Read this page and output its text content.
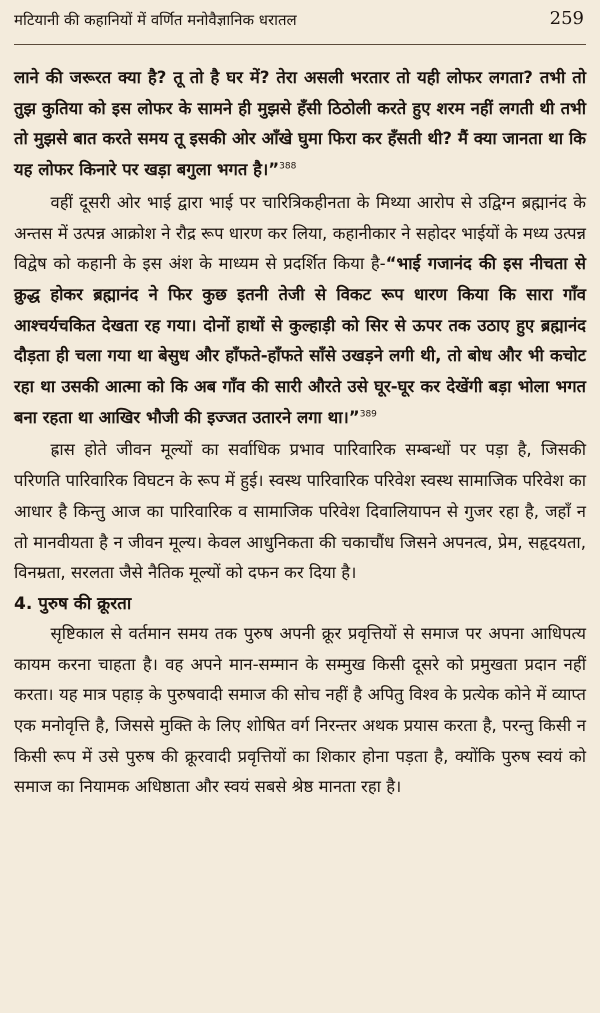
मटियानी की कहानियों में वर्णित मनोवैज्ञानिक धरातल	259

लाने की जरूरत क्या है? तू तो है घर में? तेरा असली भरतार तो यही लोफर लगता? तभी तो तुझ कुतिया को इस लोफर के सामने ही मुझसे हँसी ठिठोली करते हुए शरम नहीं लगती थी तभी तो मुझसे बात करते समय तू इसकी ओर आँखे घुमा फिरा कर हँसती थी? मैं क्या जानता था कि यह लोफर किनारे पर खड़ा बगुला भगत है।”$^{388}$

वहीं दूसरी ओर भाई द्वारा भाई पर चारित्रिकहीनता के मिथ्या आरोप से उद्विग्न ब्रह्मानंद के अन्तस में उत्पन्न आक्रोश ने रौद्र रूप धारण कर लिया, कहानीकार ने सहोदर भाईयों के मध्य उत्पन्न विद्वेष को कहानी के इस अंश के माध्यम से प्रदर्शित किया है-“भाई गजानंद की इस नीचता से क्रुद्ध होकर ब्रह्मानंद ने फिर कुछ इतनी तेजी से विकट रूप धारण किया कि सारा गाँव आश्चर्यचकित देखता रह गया। दोनों हाथों से कुल्हाड़ी को सिर से ऊपर तक उठाए हुए ब्रह्मानंद दौड़ता ही चला गया था बेसुध और हाँफते-हाँफते साँसे उखड़ने लगी थी, तो बोध और भी कचोट रहा था उसकी आत्मा को कि अब गाँव की सारी औरते उसे घूर-घूर कर देखेंगी बड़ा भोला भगत बना रहता था आखिर भौजी की इज्जत उतारने लगा था।”$^{389}$

ह्रास होते जीवन मूल्यों का सर्वाधिक प्रभाव पारिवारिक सम्बन्धों पर पड़ा है, जिसकी परिणति पारिवारिक विघटन के रूप में हुई। स्वस्थ पारिवारिक परिवेश स्वस्थ सामाजिक परिवेश का आधार है किन्तु आज का पारिवारिक व सामाजिक परिवेश दिवालियापन से गुजर रहा है, जहाँ न तो मानवीयता है न जीवन मूल्य। केवल आधुनिकता की चकाचौंध जिसने अपनत्व, प्रेम, सहृदयता, विनम्रता, सरलता जैसे नैतिक मूल्यों को दफन कर दिया है।

4. पुरुष की क्रूरता

सृष्टिकाल से वर्तमान समय तक पुरुष अपनी क्रूर प्रवृत्तियों से समाज पर अपना आधिपत्य कायम करना चाहता है। वह अपने मान-सम्मान के सम्मुख किसी दूसरे को प्रमुखता प्रदान नहीं करता। यह मात्र पहाड़ के पुरुषवादी समाज की सोच नहीं है अपितु विश्व के प्रत्येक कोने में व्याप्त एक मनोवृत्ति है, जिससे मुक्ति के लिए शोषित वर्ग निरन्तर अथक प्रयास करता है, परन्तु किसी न किसी रूप में उसे पुरुष की क्रूरवादी प्रवृत्तियों का शिकार होना पड़ता है, क्योंकि पुरुष स्वयं को समाज का नियामक अधिष्ठाता और स्वयं सबसे श्रेष्ठ मानता रहा है।
